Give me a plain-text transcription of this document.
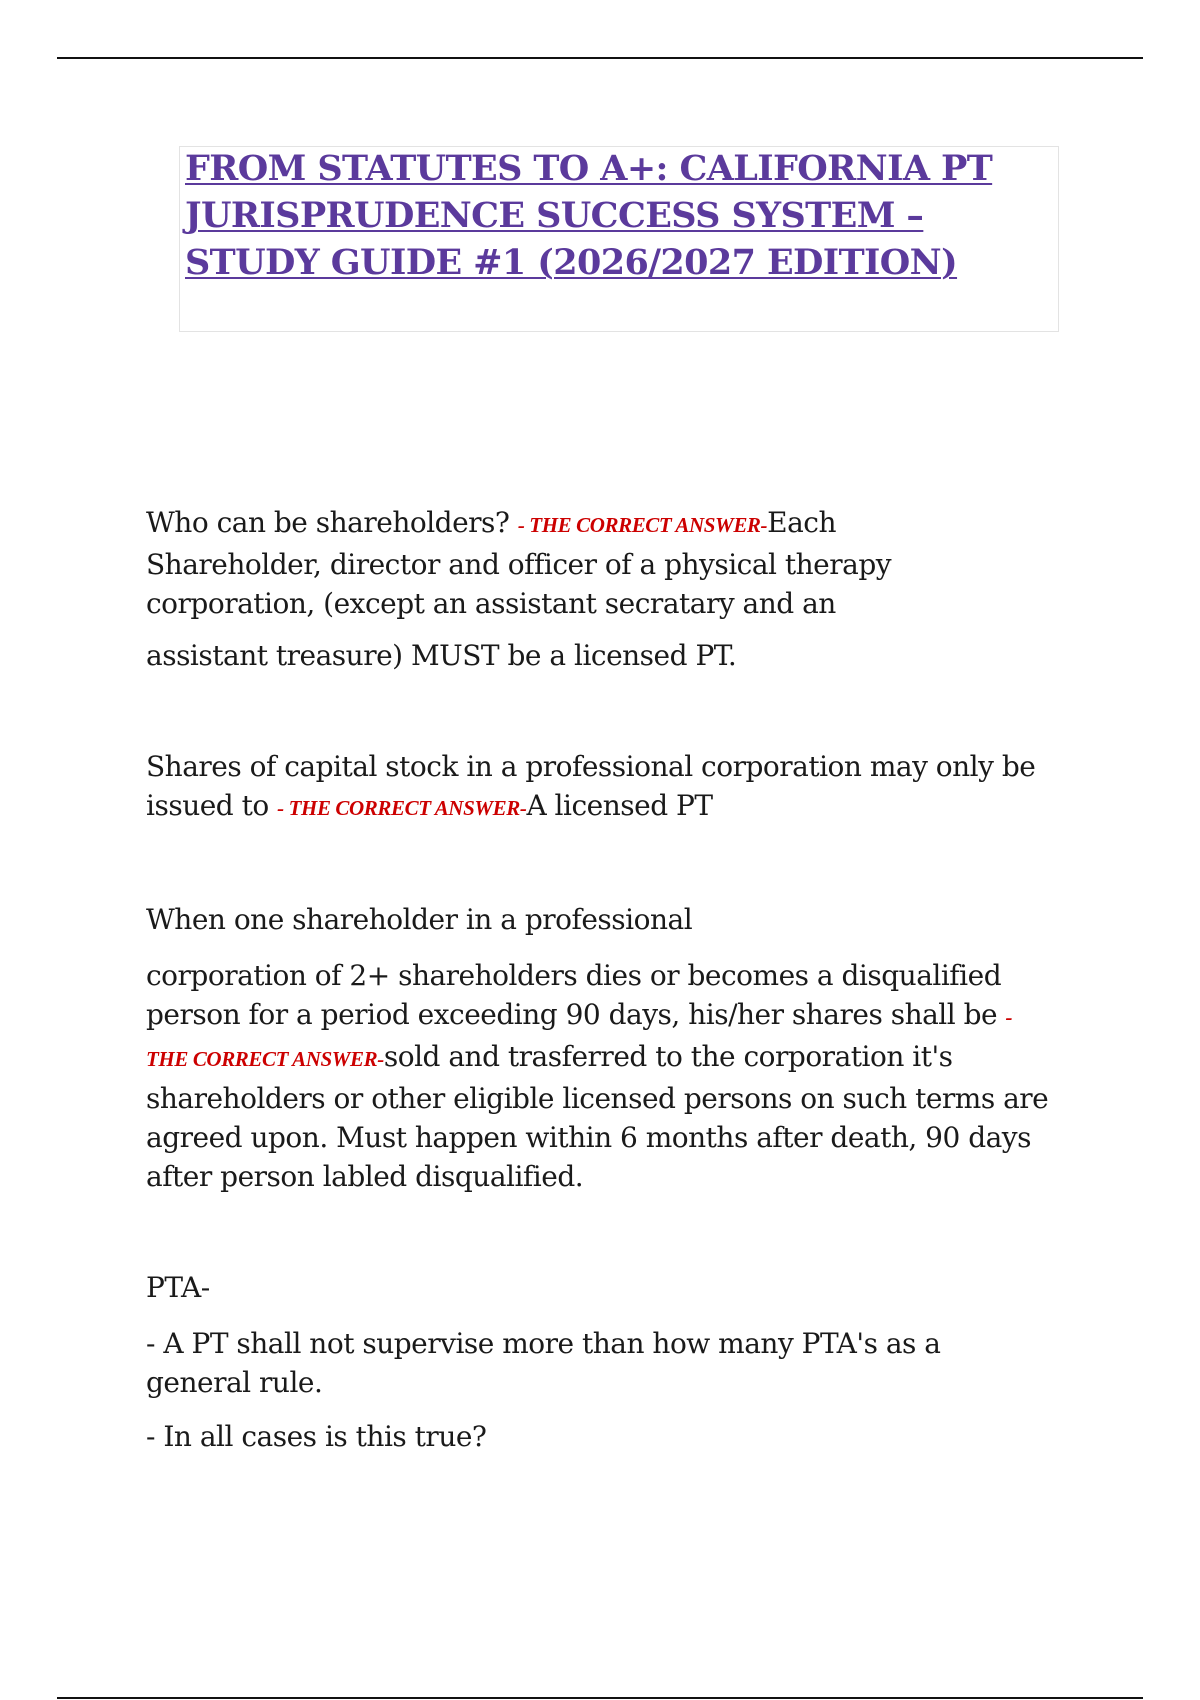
FROM STATUTES TO A+: CALIFORNIA PT JURISPRUDENCE SUCCESS SYSTEM – STUDY GUIDE #1 (2026/2027 EDITION)

Who can be shareholders? - THE CORRECT ANSWER-Each Shareholder, director and officer of a physical therapy corporation, (except an assistant secratary and an

assistant treasure) MUST be a licensed PT.

Shares of capital stock in a professional corporation may only be issued to - THE CORRECT ANSWER-A licensed PT

When one shareholder in a professional

corporation of 2+ shareholders dies or becomes a disqualified person for a period exceeding 90 days, his/her shares shall be - THE CORRECT ANSWER-sold and trasferred to the corporation it's shareholders or other eligible licensed persons on such terms are agreed upon. Must happen within 6 months after death, 90 days after person labled disqualified.

PTA-

- A PT shall not supervise more than how many PTA's as a general rule.

- In all cases is this true?
